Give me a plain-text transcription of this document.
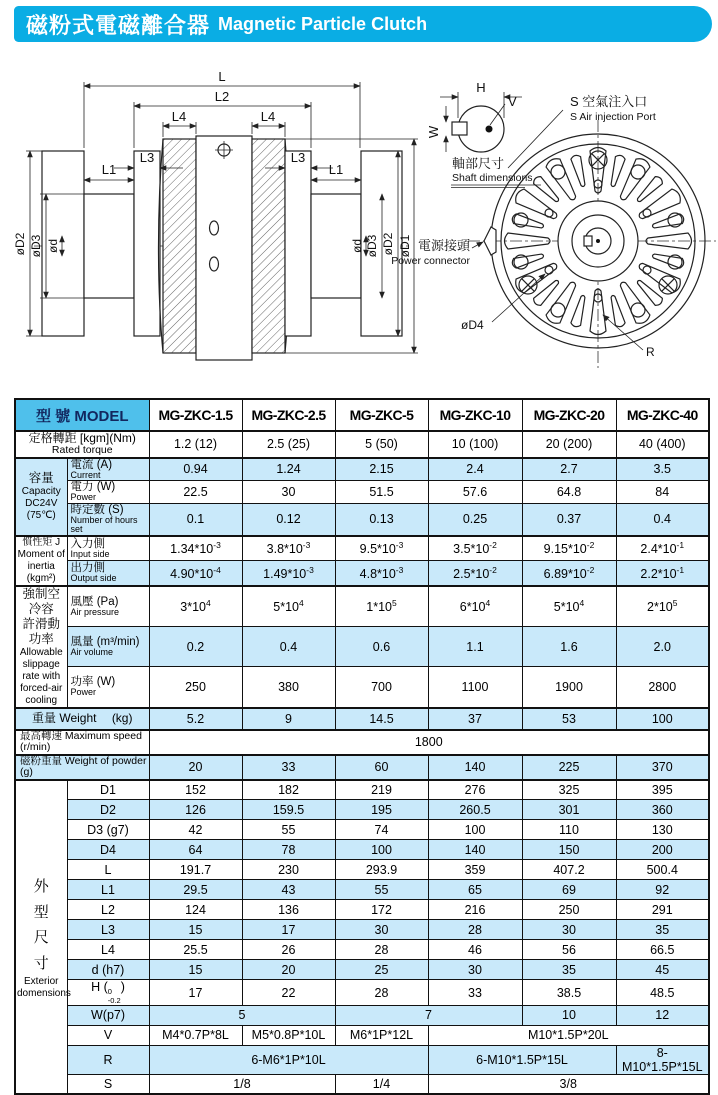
磁粉式電磁離合器 Magnetic Particle Clutch
L
L2
L4	L4
L3	L3
L1	L1
øD2 øD3 ød	ød øD3 øD2 øD1
H
V
W
軸部尺寸
Shaft dimensions
S 空氣注入口
S Air injection Port
電源接頭
Power connector
øD4
R
型 號 MODEL		MG-ZKC-1.5	MG-ZKC-2.5	MG-ZKC-5	MG-ZKC-10	MG-ZKC-20	MG-ZKC-40

定格轉距 [kgm](Nm)
Rated torque		1.2 (12)	2.5 (25)	5 (50)	10 (100)	20 (200)	40 (400)

容量
Capacity
DC24V
(75℃)

電流 (A)
Current	0.94	1.24	2.15	2.4	2.7	3.5

	電力 (W)
Power	22.5	30	51.5	57.6	64.8	84

	時定數 (S)
Number of hours set	0.1	0.12	0.13	0.25	0.37	0.4

慣性矩 J
Moment of inertia
(kgm²)

入力側
Input side	$1.34*10^{-3}$	$3.8*10^{-3}$	$9.5*10^{-3}$	$3.5*10^{-2}$	$9.15*10^{-2}$	$2.4*10^{-1}$

	出力側
Output side	$4.90*10^{-4}$	$1.49*10^{-3}$	$4.8*10^{-3}$	$2.5*10^{-2}$	$6.89*10^{-2}$	$2.2*10^{-1}$

強制空冷容
許滑動功率
Allowable slippage
rate with
forced-air cooling

風壓 (Pa)
Air pressure	$3*10^4$	$5*10^4$	$1*10^5$	$6*10^4$	$5*10^4$	$2*10^5$

	風量 (m³/min)
Air volume	0.2	0.4	0.6	1.1	1.6	2.0

	功率 (W)
Power	250	380	700	1100	1900	2800

重量 Weight　 (kg)		5.2	9	14.5	37	53	100

最高轉速 Maximum speed (r/min)		1800					

磁粉重量 Weight of powder (g)		20	33	60	140	225	370

外
型
尺
寸
Exterior
domensions
	D1	152	182	219	276	325	395
	D2	126	159.5	195	260.5	301	360
	D3 (g7)	42	55	74	100	110	130
	D4	64	78	100	140	150	200
	L	191.7	230	293.9	359	407.2	500.4
	L1	29.5	43	55	65	69	92
	L2	124	136	172	216	250	291
	L3	15	17	30	28	30	35
	L4	25.5	26	28	46	56	66.5
	d (h7)	15	20	25	30	35	45
	H ( 0
-0.2
)	17	22	28	33	38.5	48.5
	W(p7)	5		7		10	12
	V	M4*0.7P*8L	M5*0.8P*10L	M6*1P*12L	M10*1.5P*20L		
	R	6-M6*1P*10L			6-M10*1.5P*15L		8-M10*1.5P*15L
	S	1/8		1/4	3/8		
